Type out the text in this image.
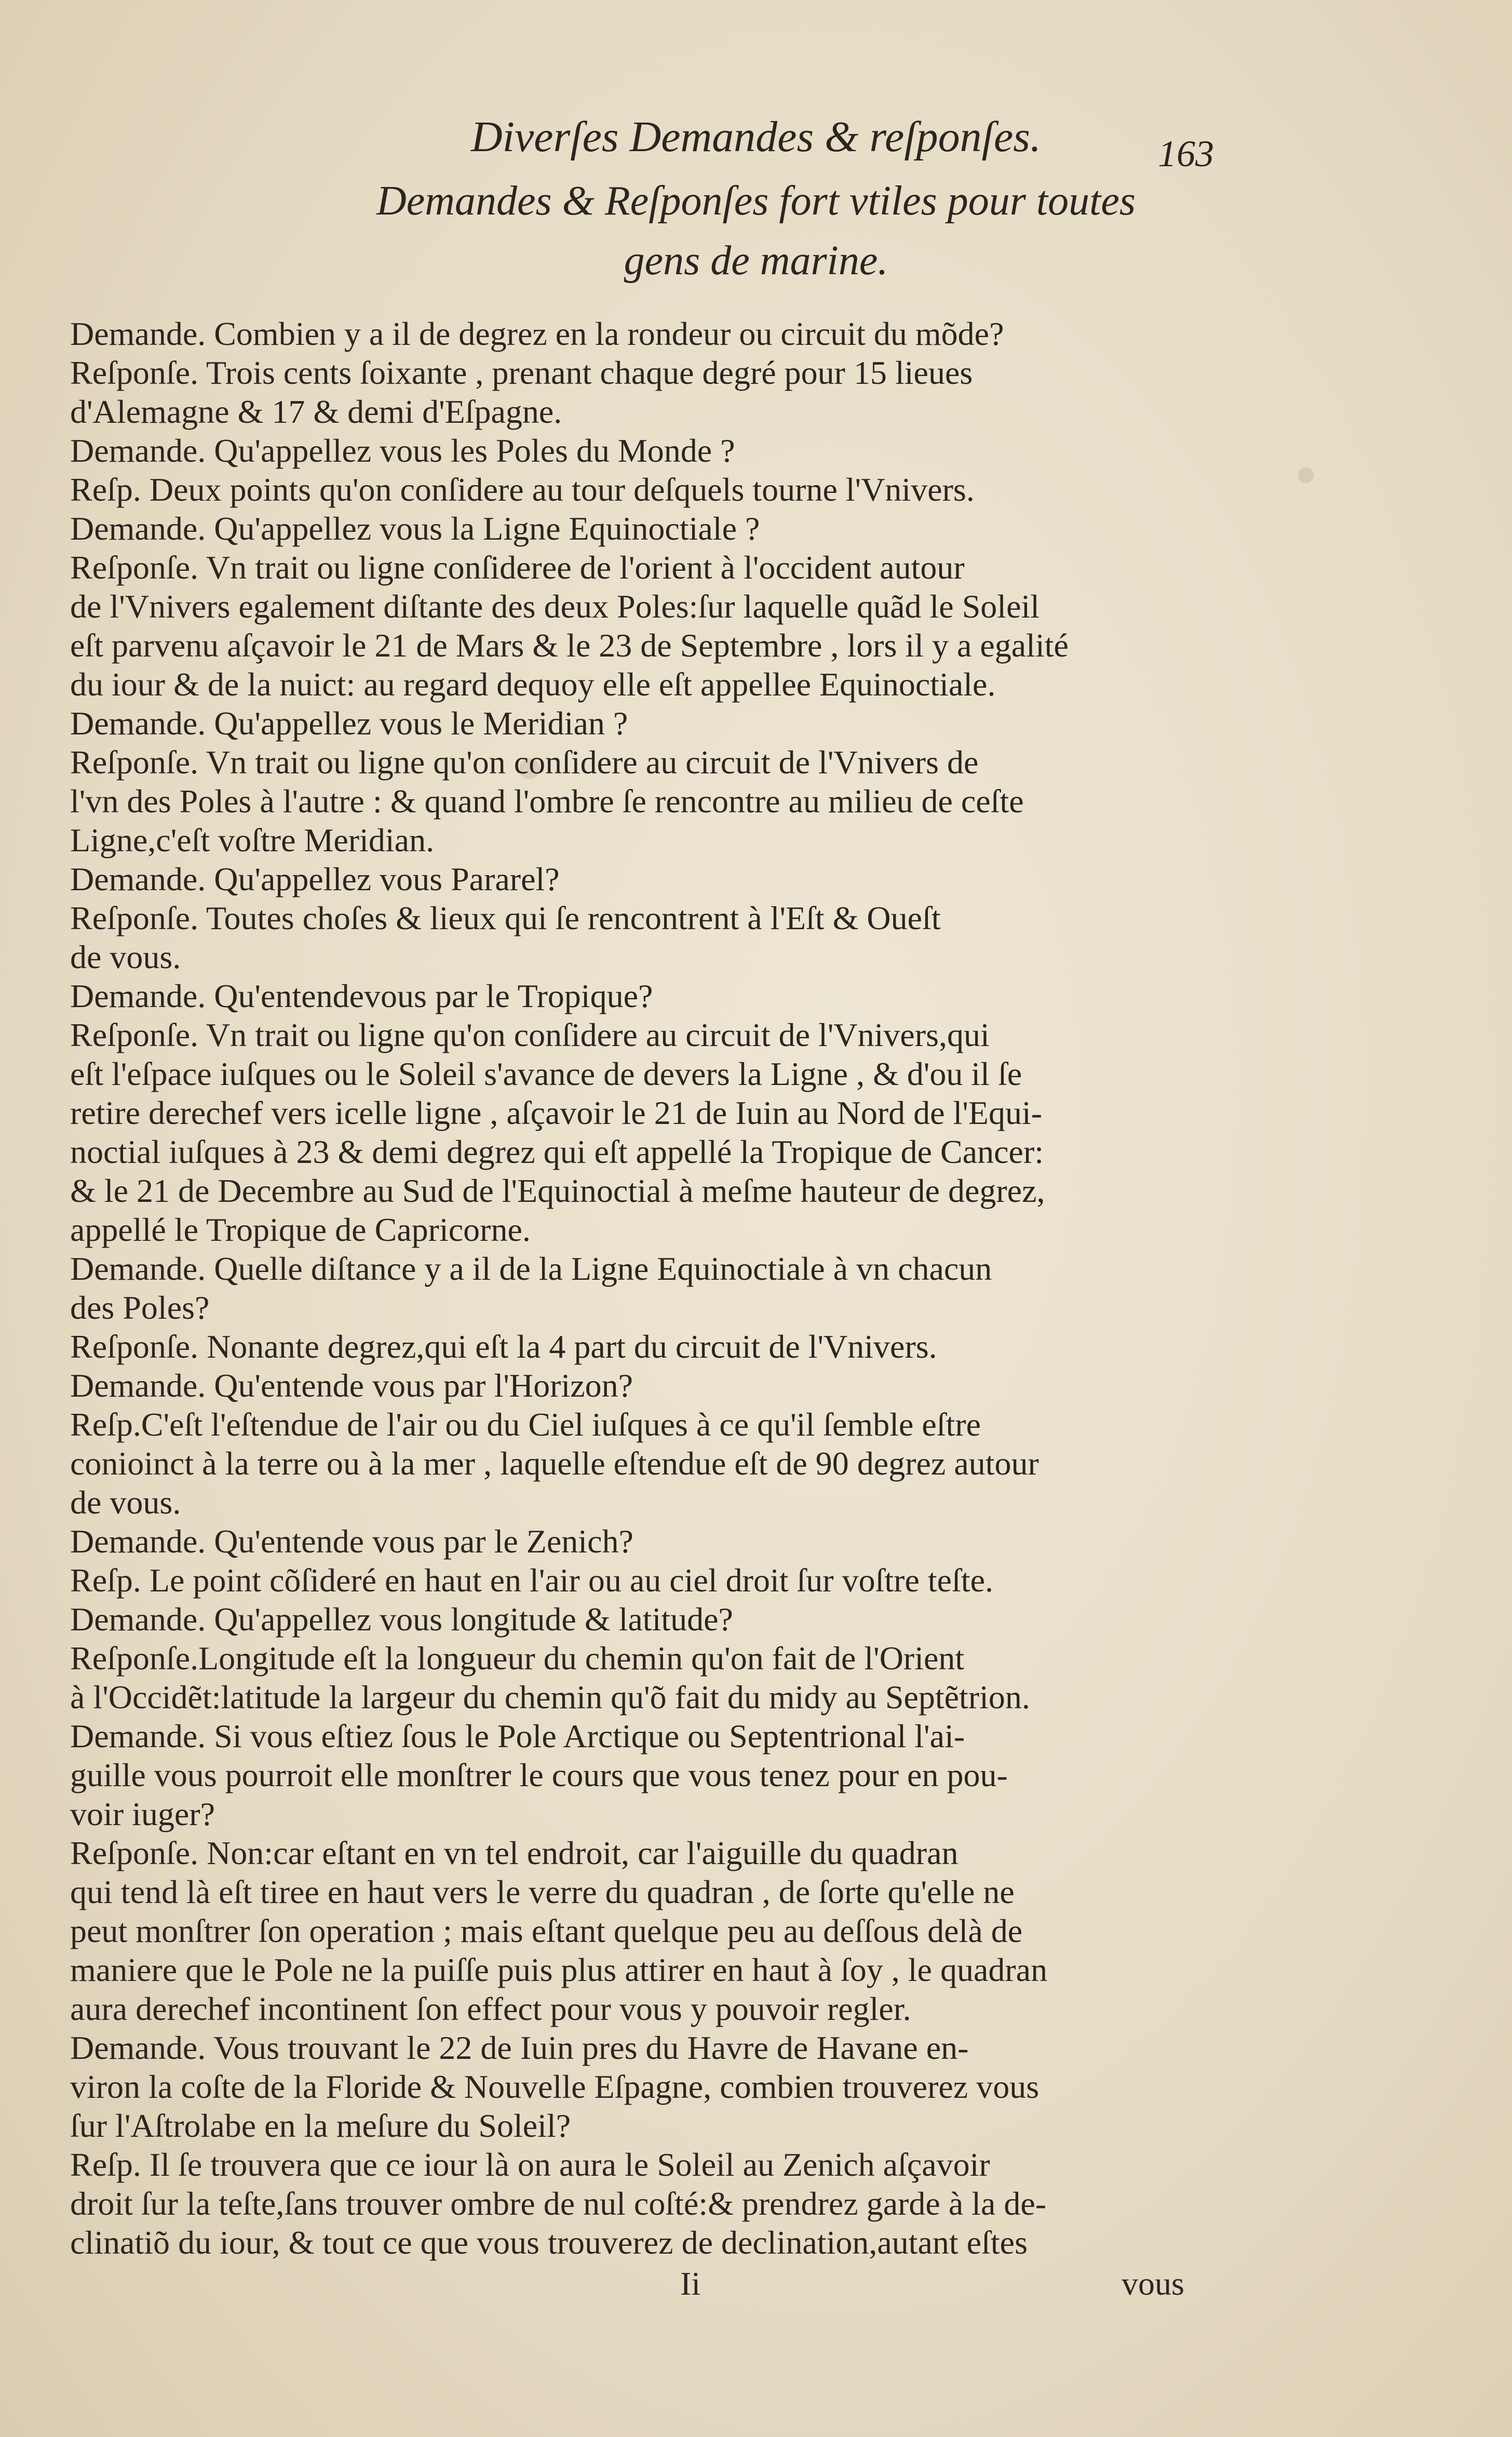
Diverſes Demandes & reſponſes.	163
Demandes & Reſponſes fort vtiles pour toutes
gens de marine.
Demande. Combien y a il de degrez en la rondeur ou circuit du mõde?
Reſponſe. Trois cents ſoixante , prenant chaque degré pour 15 lieues
d'Alemagne & 17 & demi d'Eſpagne.
Demande. Qu'appellez vous les Poles du Monde ?
Reſp. Deux points qu'on conſidere au tour deſquels tourne l'Vnivers.
Demande. Qu'appellez vous la Ligne Equinoctiale ?
Reſponſe. Vn trait ou ligne conſideree de l'orient à l'occident autour
de l'Vnivers egalement diſtante des deux Poles:ſur laquelle quãd le Soleil
eſt parvenu aſçavoir le 21 de Mars & le 23 de Septembre , lors il y a egalité
du iour & de la nuict: au regard dequoy elle eſt appellee Equinoctiale.
Demande. Qu'appellez vous le Meridian ?
Reſponſe. Vn trait ou ligne qu'on conſidere au circuit de l'Vnivers de
l'vn des Poles à l'autre : & quand l'ombre ſe rencontre au milieu de ceſte
Ligne,c'eſt voſtre Meridian.
Demande. Qu'appellez vous Pararel?
Reſponſe. Toutes choſes & lieux qui ſe rencontrent à l'Eſt & Oueſt
de vous.
Demande. Qu'entendevous par le Tropique?
Reſponſe. Vn trait ou ligne qu'on conſidere au circuit de l'Vnivers,qui
eſt l'eſpace iuſques ou le Soleil s'avance de devers la Ligne , & d'ou il ſe
retire derechef vers icelle ligne , aſçavoir le 21 de Iuin au Nord de l'Equi-
noctial iuſques à 23 & demi degrez qui eſt appellé la Tropique de Cancer:
& le 21 de Decembre au Sud de l'Equinoctial à meſme hauteur de degrez,
appellé le Tropique de Capricorne.
Demande. Quelle diſtance y a il de la Ligne Equinoctiale à vn chacun
des Poles?
Reſponſe. Nonante degrez,qui eſt la 4 part du circuit de l'Vnivers.
Demande. Qu'entende vous par l'Horizon?
Reſp.C'eſt l'eſtendue de l'air ou du Ciel iuſques à ce qu'il ſemble eſtre
conioinct à la terre ou à la mer , laquelle eſtendue eſt de 90 degrez autour
de vous.
Demande. Qu'entende vous par le Zenich?
Reſp. Le point cõſideré en haut en l'air ou au ciel droit ſur voſtre teſte.
Demande. Qu'appellez vous longitude & latitude?
Reſponſe.Longitude eſt la longueur du chemin qu'on fait de l'Orient
à l'Occidẽt:latitude la largeur du chemin qu'õ fait du midy au Septẽtrion.
Demande. Si vous eſtiez ſous le Pole Arctique ou Septentrional l'ai-
guille vous pourroit elle monſtrer le cours que vous tenez pour en pou-
voir iuger?
Reſponſe. Non:car eſtant en vn tel endroit, car l'aiguille du quadran
qui tend là eſt tiree en haut vers le verre du quadran , de ſorte qu'elle ne
peut monſtrer ſon operation ; mais eſtant quelque peu au deſſous delà de
maniere que le Pole ne la puiſſe puis plus attirer en haut à ſoy , le quadran
aura derechef incontinent ſon effect pour vous y pouvoir regler.
Demande. Vous trouvant le 22 de Iuin pres du Havre de Havane en-
viron la coſte de la Floride & Nouvelle Eſpagne, combien trouverez vous
ſur l'Aſtrolabe en la meſure du Soleil?
Reſp. Il ſe trouvera que ce iour là on aura le Soleil au Zenich aſçavoir
droit ſur la teſte,ſans trouver ombre de nul coſté:& prendrez garde à la de-
clinatiõ du iour, & tout ce que vous trouverez de declination,autant eſtes
Ii	vous
